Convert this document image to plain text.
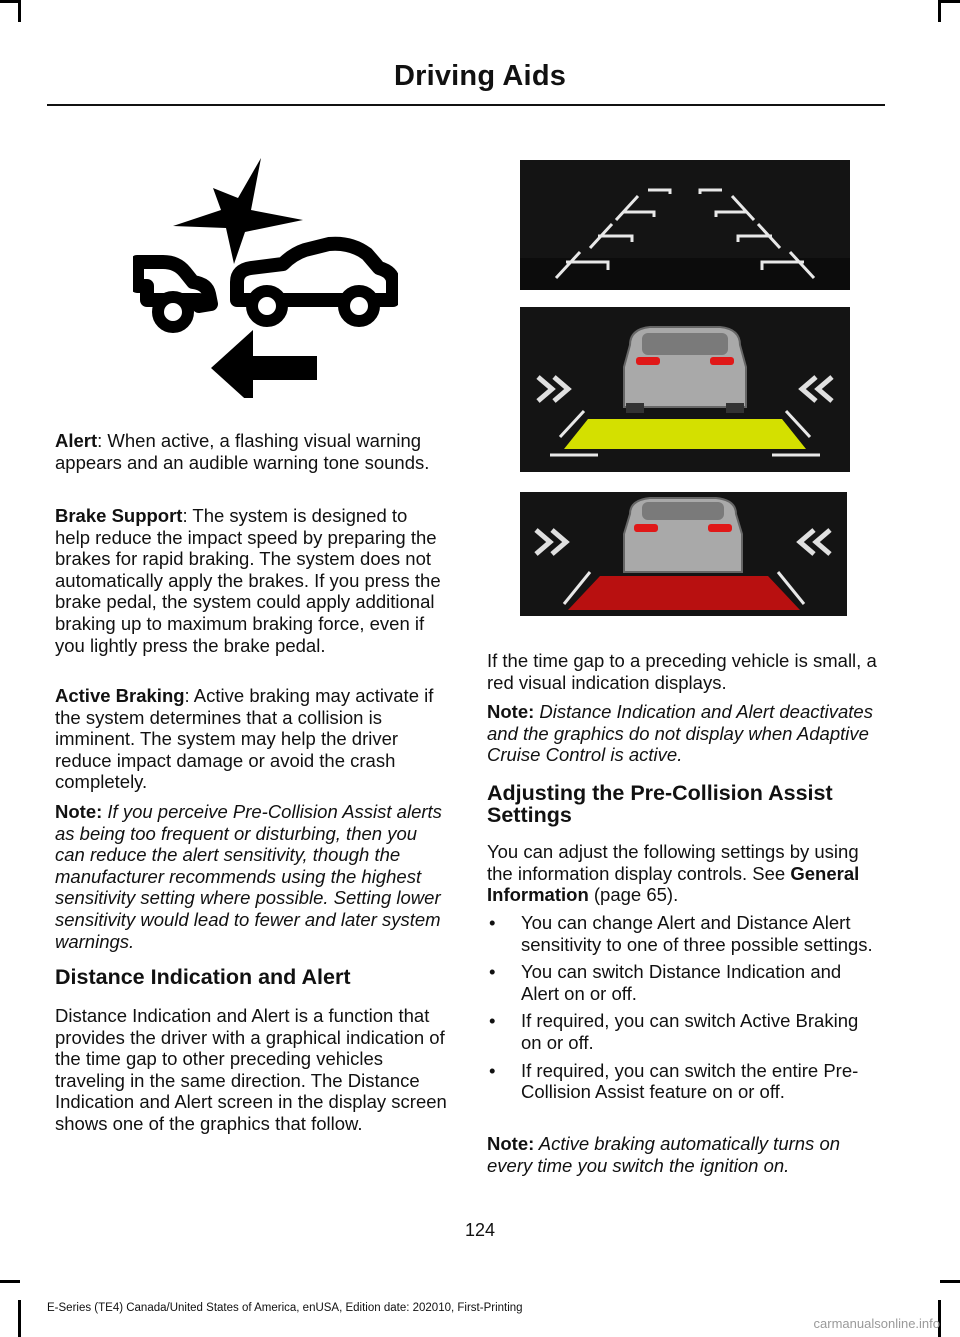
Driving Aids

Alert: When active, a flashing visual warning appears and an audible warning tone sounds.

Brake Support: The system is designed to help reduce the impact speed by preparing the brakes for rapid braking. The system does not automatically apply the brakes. If you press the brake pedal, the system could apply additional braking up to maximum braking force, even if you lightly press the brake pedal.

Active Braking: Active braking may activate if the system determines that a collision is imminent. The system may help the driver reduce impact damage or avoid the crash completely.

Note: If you perceive Pre-Collision Assist alerts as being too frequent or disturbing, then you can reduce the alert sensitivity, though the manufacturer recommends using the highest sensitivity setting where possible. Setting lower sensitivity would lead to fewer and later system warnings.

Distance Indication and Alert

Distance Indication and Alert is a function that provides the driver with a graphical indication of the time gap to other preceding vehicles traveling in the same direction. The Distance Indication and Alert screen in the display screen shows one of the graphics that follow.

If the time gap to a preceding vehicle is small, a red visual indication displays.

Note: Distance Indication and Alert deactivates and the graphics do not display when Adaptive Cruise Control is active.

Adjusting the Pre-Collision Assist Settings

You can adjust the following settings by using the information display controls. See General Information (page 65).

• You can change Alert and Distance Alert sensitivity to one of three possible settings.
• You can switch Distance Indication and Alert on or off.
• If required, you can switch Active Braking on or off.
• If required, you can switch the entire Pre-Collision Assist feature on or off.

Note: Active braking automatically turns on every time you switch the ignition on.

124
E-Series (TE4) Canada/United States of America, enUSA, Edition date: 202010, First-Printing
carmanualsonline.info
